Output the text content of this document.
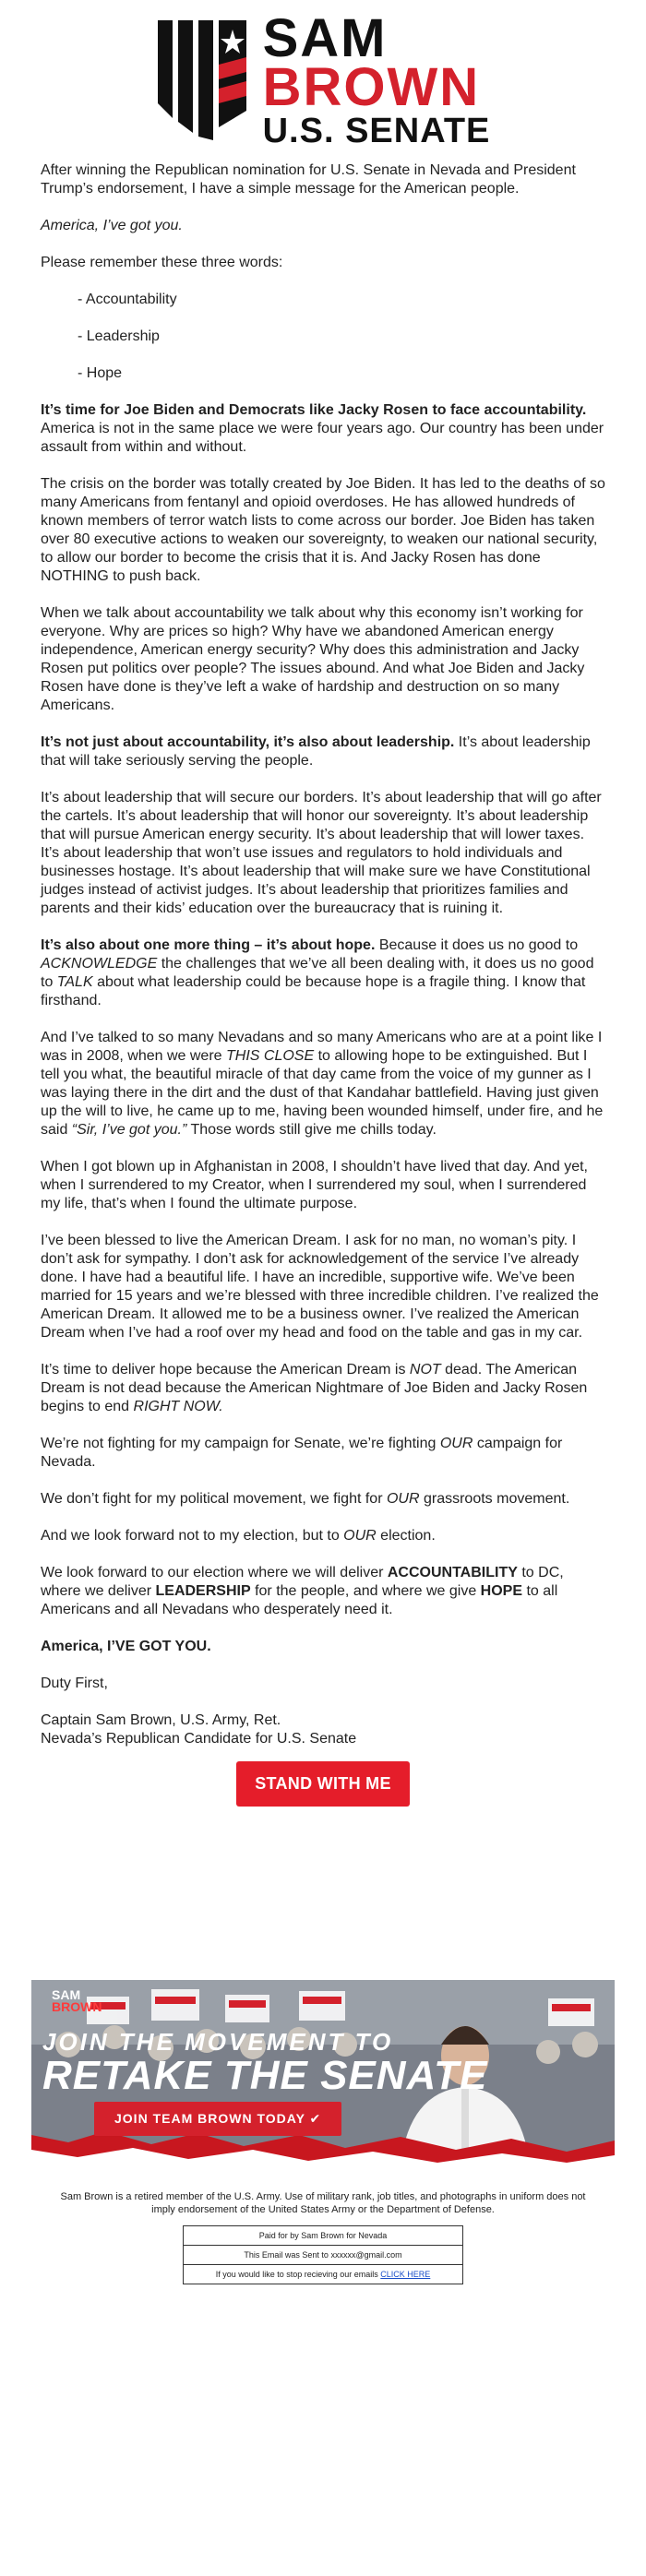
SAM
BROWN
U.S. SENATE

After winning the Republican nomination for U.S. Senate in Nevada and President Trump’s endorsement, I have a simple message for the American people.

America, I’ve got you.

Please remember these three words:

- Accountability
- Leadership
- Hope

It’s time for Joe Biden and Democrats like Jacky Rosen to face accountability. America is not in the same place we were four years ago. Our country has been under assault from within and without.

The crisis on the border was totally created by Joe Biden. It has led to the deaths of so many Americans from fentanyl and opioid overdoses. He has allowed hundreds of known members of terror watch lists to come across our border. Joe Biden has taken over 80 executive actions to weaken our sovereignty, to weaken our national security, to allow our border to become the crisis that it is. And Jacky Rosen has done NOTHING to push back.

When we talk about accountability we talk about why this economy isn’t working for everyone. Why are prices so high? Why have we abandoned American energy independence, American energy security? Why does this administration and Jacky Rosen put politics over people? The issues abound. And what Joe Biden and Jacky Rosen have done is they’ve left a wake of hardship and destruction on so many Americans.

It’s not just about accountability, it’s also about leadership. It’s about leadership that will take seriously serving the people.

It’s about leadership that will secure our borders. It’s about leadership that will go after the cartels. It’s about leadership that will honor our sovereignty. It’s about leadership that will pursue American energy security. It’s about leadership that will lower taxes. It’s about leadership that won’t use issues and regulators to hold individuals and businesses hostage. It’s about leadership that will make sure we have Constitutional judges instead of activist judges. It’s about leadership that prioritizes families and parents and their kids’ education over the bureaucracy that is ruining it.

It’s also about one more thing – it’s about hope. Because it does us no good to ACKNOWLEDGE the challenges that we’ve all been dealing with, it does us no good to TALK about what leadership could be because hope is a fragile thing. I know that firsthand.

And I’ve talked to so many Nevadans and so many Americans who are at a point like I was in 2008, when we were THIS CLOSE to allowing hope to be extinguished. But I tell you what, the beautiful miracle of that day came from the voice of my gunner as I was laying there in the dirt and the dust of that Kandahar battlefield. Having just given up the will to live, he came up to me, having been wounded himself, under fire, and he said “Sir, I’ve got you.” Those words still give me chills today.

When I got blown up in Afghanistan in 2008, I shouldn’t have lived that day. And yet, when I surrendered to my Creator, when I surrendered my soul, when I surrendered my life, that’s when I found the ultimate purpose.

I’ve been blessed to live the American Dream. I ask for no man, no woman’s pity. I don’t ask for sympathy. I don’t ask for acknowledgement of the service I’ve already done. I have had a beautiful life. I have an incredible, supportive wife. We’ve been married for 15 years and we’re blessed with three incredible children. I’ve realized the American Dream. It allowed me to be a business owner. I’ve realized the American Dream when I’ve had a roof over my head and food on the table and gas in my car.

It’s time to deliver hope because the American Dream is NOT dead. The American Dream is not dead because the American Nightmare of Joe Biden and Jacky Rosen begins to end RIGHT NOW.

We’re not fighting for my campaign for Senate, we’re fighting OUR campaign for Nevada.

We don’t fight for my political movement, we fight for OUR grassroots movement.

And we look forward not to my election, but to OUR election.

We look forward to our election where we will deliver ACCOUNTABILITY to DC, where we deliver LEADERSHIP for the people, and where we give HOPE to all Americans and all Nevadans who desperately need it.

America, I’VE GOT YOU.

Duty First,

Captain Sam Brown, U.S. Army, Ret.
Nevada’s Republican Candidate for U.S. Senate

STAND WITH ME
SAM
BROWN
JOIN THE MOVEMENT TO
RETAKE THE SENATE
JOIN TEAM BROWN TODAY ✔
Sam Brown is a retired member of the U.S. Army. Use of military rank, job titles, and photographs in uniform does not imply endorsement of the United States Army or the Department of Defense.
Paid for by Sam Brown for Nevada
This Email was Sent to xxxxxx@gmail.com
If you would like to stop recieving our emails CLICK HERE
